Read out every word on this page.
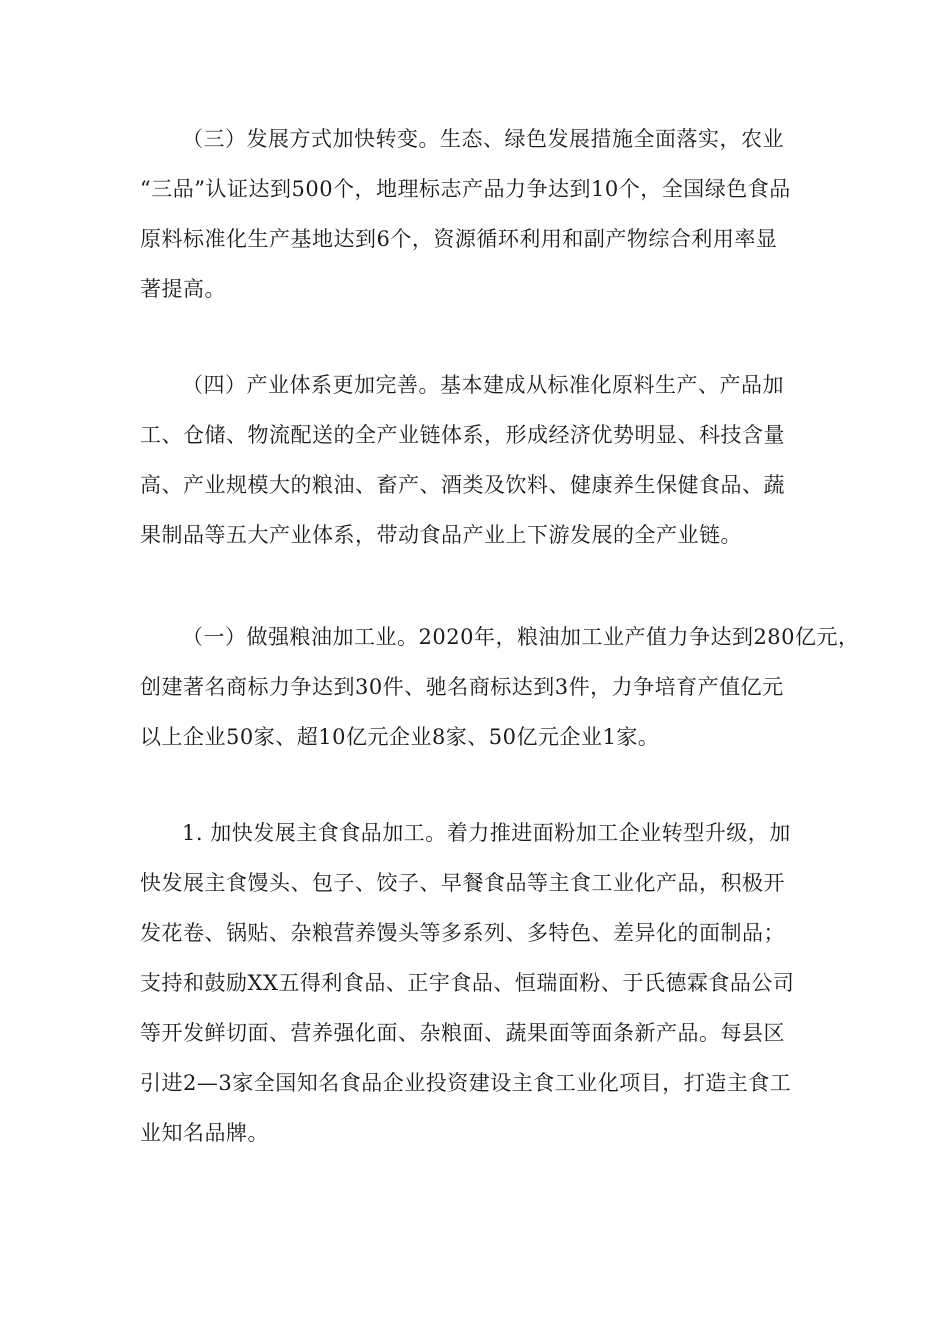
（三）发展方式加快转变。生态、绿色发展措施全面落实，农业
“三品”认证达到500个，地理标志产品力争达到10个，全国绿色食品
原料标准化生产基地达到6个，资源循环利用和副产物综合利用率显
著提高。
（四）产业体系更加完善。基本建成从标准化原料生产、产品加
工、仓储、物流配送的全产业链体系，形成经济优势明显、科技含量
高、产业规模大的粮油、畜产、酒类及饮料、健康养生保健食品、蔬
果制品等五大产业体系，带动食品产业上下游发展的全产业链。
（一）做强粮油加工业。2020年，粮油加工业产值力争达到280亿元，
创建著名商标力争达到30件、驰名商标达到3件，力争培育产值亿元
以上企业50家、超10亿元企业8家、50亿元企业1家。
1. 加快发展主食食品加工。着力推进面粉加工企业转型升级，加
快发展主食馒头、包子、饺子、早餐食品等主食工业化产品，积极开
发花卷、锅贴、杂粮营养馒头等多系列、多特色、差异化的面制品；
支持和鼓励XX五得利食品、正宇食品、恒瑞面粉、于氏德霖食品公司
等开发鲜切面、营养强化面、杂粮面、蔬果面等面条新产品。每县区
引进2—3家全国知名食品企业投资建设主食工业化项目，打造主食工
业知名品牌。
